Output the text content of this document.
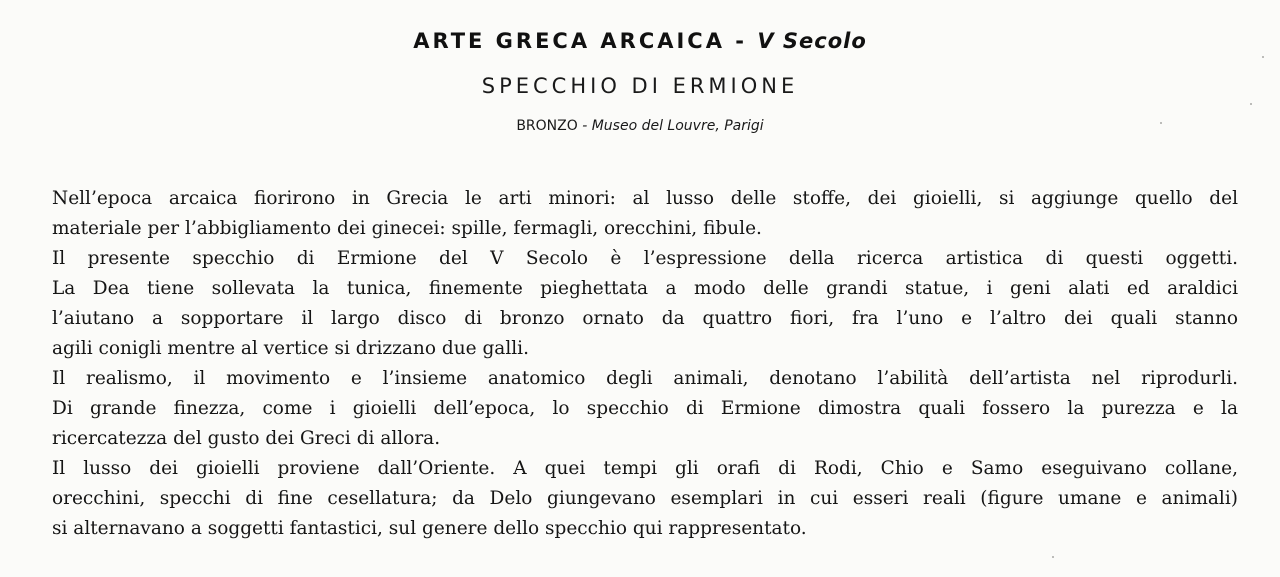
ARTE GRECA ARCAICA - V Secolo
SPECCHIO DI ERMIONE
BRONZO - Museo del Louvre, Parigi
Nell’epoca arcaica fiorirono in Grecia le arti minori: al lusso delle stoffe, dei gioielli, si aggiunge quello del
materiale per l’abbigliamento dei ginecei: spille, fermagli, orecchini, fibule.
Il presente specchio di Ermione del V Secolo è l’espressione della ricerca artistica di questi oggetti.
La Dea tiene sollevata la tunica, finemente pieghettata a modo delle grandi statue, i geni alati ed araldici
l’aiutano a sopportare il largo disco di bronzo ornato da quattro fiori, fra l’uno e l’altro dei quali stanno
agili conigli mentre al vertice si drizzano due galli.
Il realismo, il movimento e l’insieme anatomico degli animali, denotano l’abilità dell’artista nel riprodurli.
Di grande finezza, come i gioielli dell’epoca, lo specchio di Ermione dimostra quali fossero la purezza e la
ricercatezza del gusto dei Greci di allora.
Il lusso dei gioielli proviene dall’Oriente. A quei tempi gli orafi di Rodi, Chio e Samo eseguivano collane,
orecchini, specchi di fine cesellatura; da Delo giungevano esemplari in cui esseri reali (figure umane e animali)
si alternavano a soggetti fantastici, sul genere dello specchio qui rappresentato.
